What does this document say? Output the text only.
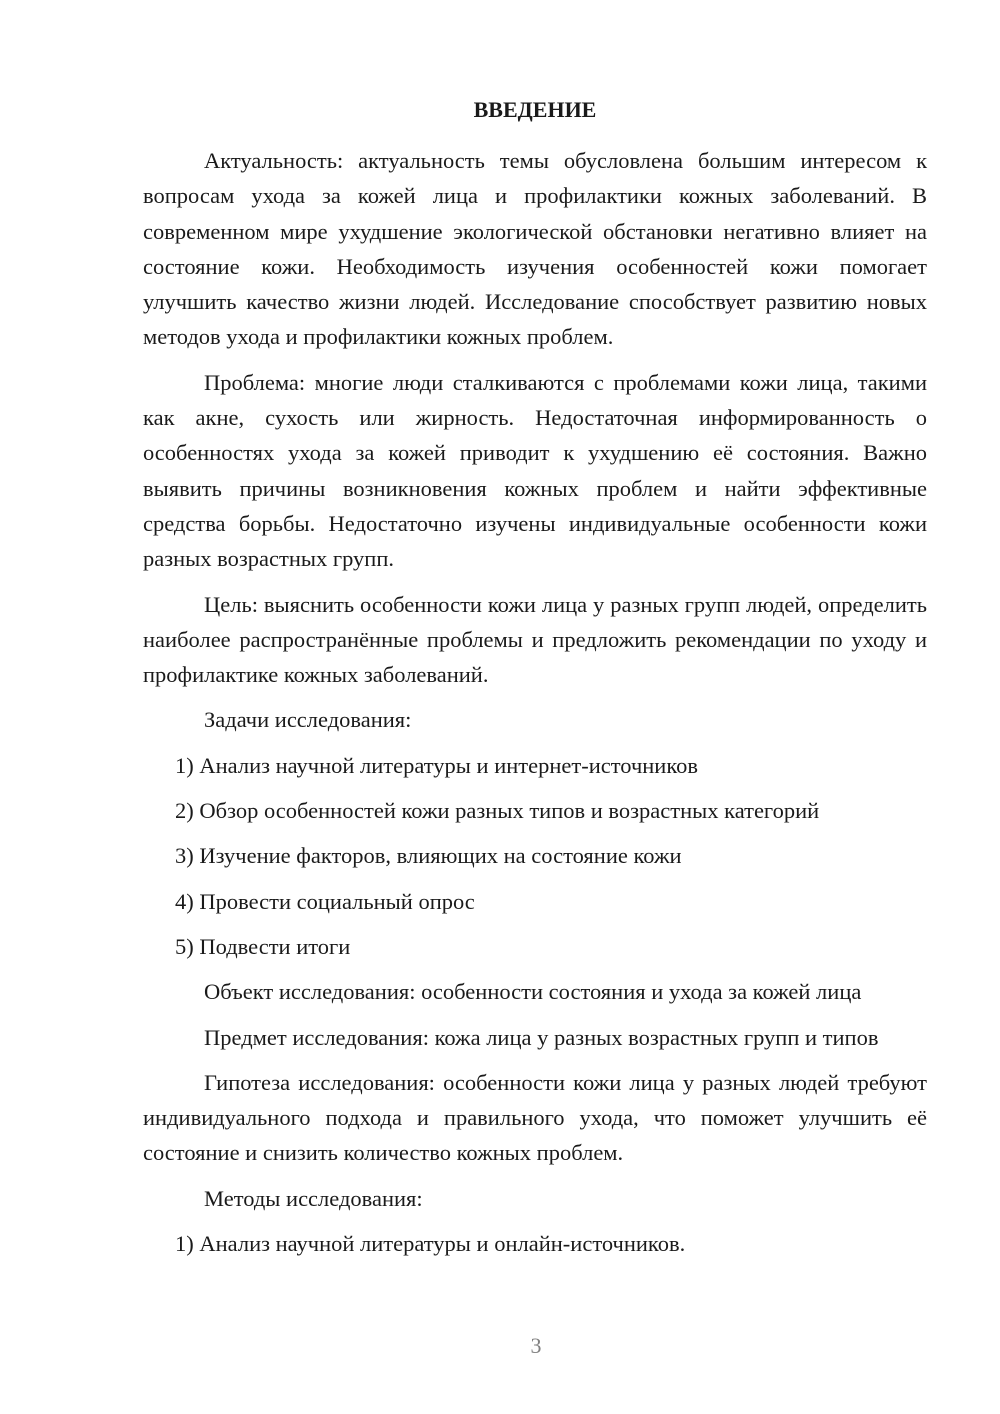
ВВЕДЕНИЕ

Актуальность: актуальность темы обусловлена большим интересом к вопросам ухода за кожей лица и профилактики кожных заболеваний. В современном мире ухудшение экологической обстановки негативно влияет на состояние кожи. Необходимость изучения особенностей кожи помогает улучшить качество жизни людей. Исследование способствует развитию новых методов ухода и профилактики кожных проблем.

Проблема: многие люди сталкиваются с проблемами кожи лица, такими как акне, сухость или жирность. Недостаточная информированность о особенностях ухода за кожей приводит к ухудшению её состояния. Важно выявить причины возникновения кожных проблем и найти эффективные средства борьбы. Недостаточно изучены индивидуальные особенности кожи разных возрастных групп.

Цель: выяснить особенности кожи лица у разных групп людей, определить наиболее распространённые проблемы и предложить рекомендации по уходу и профилактике кожных заболеваний.

Задачи исследования:

1) Анализ научной литературы и интернет-источников

2) Обзор особенностей кожи разных типов и возрастных категорий

3) Изучение факторов, влияющих на состояние кожи

4) Провести социальный опрос

5) Подвести итоги

Объект исследования: особенности состояния и ухода за кожей лица

Предмет исследования: кожа лица у разных возрастных групп и типов

Гипотеза исследования: особенности кожи лица у разных людей требуют индивидуального подхода и правильного ухода, что поможет улучшить её состояние и снизить количество кожных проблем.

Методы исследования:

1) Анализ научной литературы и онлайн-источников.

3
